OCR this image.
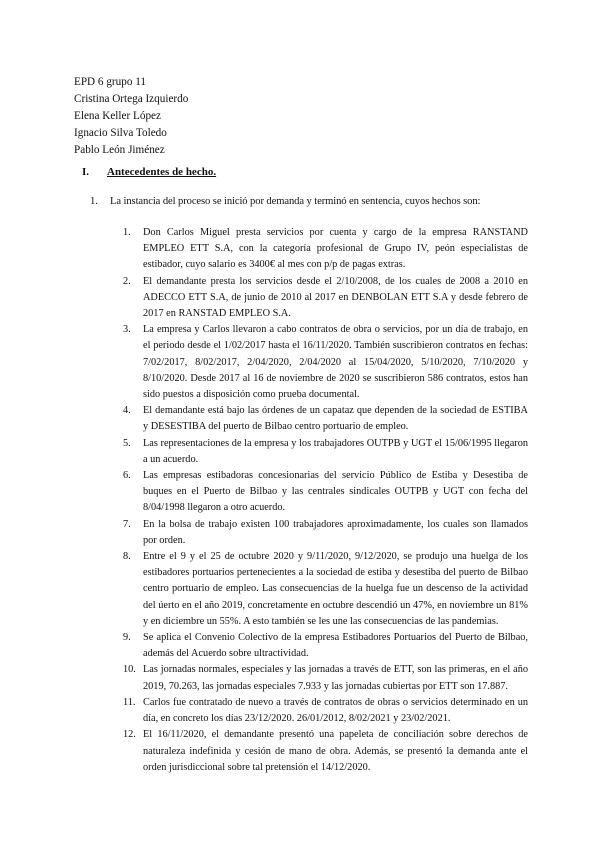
EPD 6 grupo 11
Cristina Ortega Izquierdo
Elena Keller López
Ignacio Silva Toledo
Pablo León Jiménez
I. Antecedentes de hecho.
1. La instancia del proceso se inició por demanda y terminó en sentencia, cuyos hechos son:
1. Don Carlos Miguel presta servicios por cuenta y cargo de la empresa RANSTAND EMPLEO ETT S.A, con la categoría profesional de Grupo IV, peón especialistas de estibador, cuyo salario es 3400€ al mes con p/p de pagas extras.
2. El demandante presta los servicios desde el 2/10/2008, de los cuales de 2008 a 2010 en ADECCO ETT S.A, de junio de 2010 al 2017 en DENBOLAN ETT S.A y desde febrero de 2017 en RANSTAD EMPLEO S.A.
3. La empresa y Carlos llevaron a cabo contratos de obra o servicios, por un día de trabajo, en el periodo desde el 1/02/2017 hasta el 16/11/2020. También suscribieron contratos en fechas: 7/02/2017, 8/02/2017, 2/04/2020, 2/04/2020 al 15/04/2020, 5/10/2020, 7/10/2020 y 8/10/2020. Desde 2017 al 16 de noviembre de 2020 se suscribieron 586 contratos, estos han sido puestos a disposición como prueba documental.
4. El demandante está bajo las órdenes de un capataz que dependen de la sociedad de ESTIBA y DESESTIBA del puerto de Bilbao centro portuario de empleo.
5. Las representaciones de la empresa y los trabajadores OUTPB y UGT el 15/06/1995 llegaron a un acuerdo.
6. Las empresas estibadoras concesionarias del servicio Público de Estiba y Desestiba de buques en el Puerto de Bilbao y las centrales sindicales OUTPB y UGT con fecha del 8/04/1998 llegaron a otro acuerdo.
7. En la bolsa de trabajo existen 100 trabajadores aproximadamente, los cuales son llamados por orden.
8. Entre el 9 y el 25 de octubre 2020 y 9/11/2020, 9/12/2020, se produjo una huelga de los estibadores portuarios pertenecientes a la sociedad de estiba y desestiba del puerto de Bilbao centro portuario de empleo. Las consecuencias de la huelga fue un descenso de la actividad del úerto en el año 2019, concretamente en octubre descendió un 47%, en noviembre un 81% y en diciembre un 55%. A esto también se les une las consecuencias de las pandemias.
9. Se aplica el Convenio Colectivo de la empresa Estibadores Portuarios del Puerto de Bilbao, además del Acuerdo sobre ultractividad.
10. Las jornadas normales, especiales y las jornadas a través de ETT, son las primeras, en el año 2019, 70.263, las jornadas especiales 7.933 y las jornadas cubiertas por ETT son 17.887.
11. Carlos fue contratado de nuevo a través de contratos de obras o servicios determinado en un día, en concreto los días 23/12/2020. 26/01/2012, 8/02/2021 y 23/02/2021.
12. El 16/11/2020, el demandante presentó una papeleta de conciliación sobre derechos de naturaleza indefinida y cesión de mano de obra. Además, se presentó la demanda ante el orden jurisdiccional sobre tal pretensión el 14/12/2020.
